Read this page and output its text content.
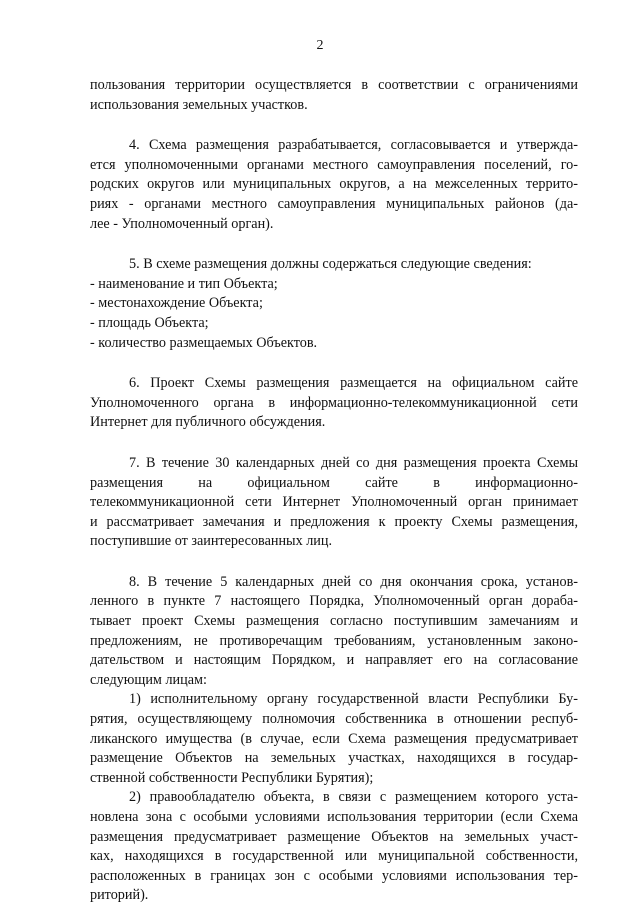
2
пользования территории осуществляется в соответствии с ограничениями
использования земельных участков.
4. Схема размещения разрабатывается, согласовывается и утвержда-
ется уполномоченными органами местного самоуправления поселений, го-
родских округов или муниципальных округов, а на межселенных террито-
риях - органами местного самоуправления муниципальных районов (да-
лее - Уполномоченный орган).
5. В схеме размещения должны содержаться следующие сведения:
- наименование и тип Объекта;
- местонахождение Объекта;
- площадь Объекта;
- количество размещаемых Объектов.
6. Проект Схемы размещения размещается на официальном сайте
Уполномоченного органа в информационно-телекоммуникационной сети
Интернет для публичного обсуждения.
7. В течение 30 календарных дней со дня размещения проекта Схемы
размещения на официальном сайте в информационно-
телекоммуникационной сети Интернет Уполномоченный орган принимает
и рассматривает замечания и предложения к проекту Схемы размещения,
поступившие от заинтересованных лиц.
8. В течение 5 календарных дней со дня окончания срока, установ-
ленного в пункте 7 настоящего Порядка, Уполномоченный орган дораба-
тывает проект Схемы размещения согласно поступившим замечаниям и
предложениям, не противоречащим требованиям, установленным законо-
дательством и настоящим Порядком, и направляет его на согласование
следующим лицам:
1) исполнительному органу государственной власти Республики Бу-
рятия, осуществляющему полномочия собственника в отношении респуб-
ликанского имущества (в случае, если Схема размещения предусматривает
размещение Объектов на земельных участках, находящихся в государ-
ственной собственности Республики Бурятия);
2) правообладателю объекта, в связи с размещением которого уста-
новлена зона с особыми условиями использования территории (если Схема
размещения предусматривает размещение Объектов на земельных участ-
ках, находящихся в государственной или муниципальной собственности,
расположенных в границах зон с особыми условиями использования тер-
риторий).
